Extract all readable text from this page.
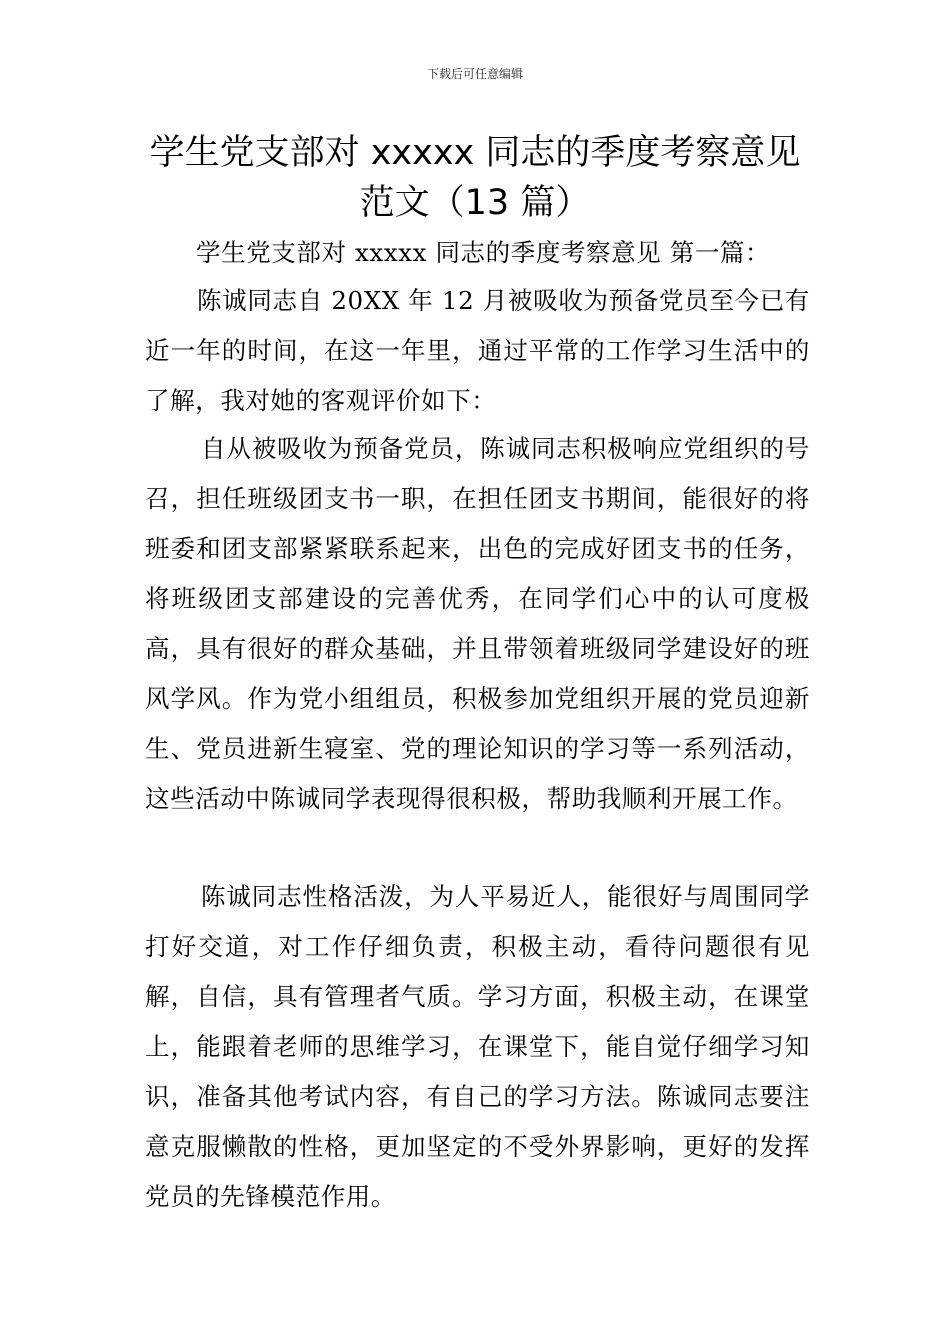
下载后可任意编辑
学生党支部对 xxxxx 同志的季度考察意见
范文（13 篇）
学生党支部对 xxxxx 同志的季度考察意见 第一篇：

陈诚同志自 20XX 年 12 月被吸收为预备党员至今已有近一年的时间，在这一年里，通过平常的工作学习生活中的了解，我对她的客观评价如下：

自从被吸收为预备党员，陈诚同志积极响应党组织的号召，担任班级团支书一职，在担任团支书期间，能很好的将班委和团支部紧紧联系起来，出色的完成好团支书的任务，将班级团支部建设的完善优秀，在同学们心中的认可度极高，具有很好的群众基础，并且带领着班级同学建设好的班风学风。作为党小组组员，积极参加党组织开展的党员迎新生、党员进新生寝室、党的理论知识的学习等一系列活动，这些活动中陈诚同学表现得很积极，帮助我顺利开展工作。

陈诚同志性格活泼，为人平易近人，能很好与周围同学打好交道，对工作仔细负责，积极主动，看待问题很有见解，自信，具有管理者气质。学习方面，积极主动，在课堂上，能跟着老师的思维学习，在课堂下，能自觉仔细学习知识，准备其他考试内容，有自己的学习方法。陈诚同志要注意克服懒散的性格，更加坚定的不受外界影响，更好的发挥党员的先锋模范作用。
